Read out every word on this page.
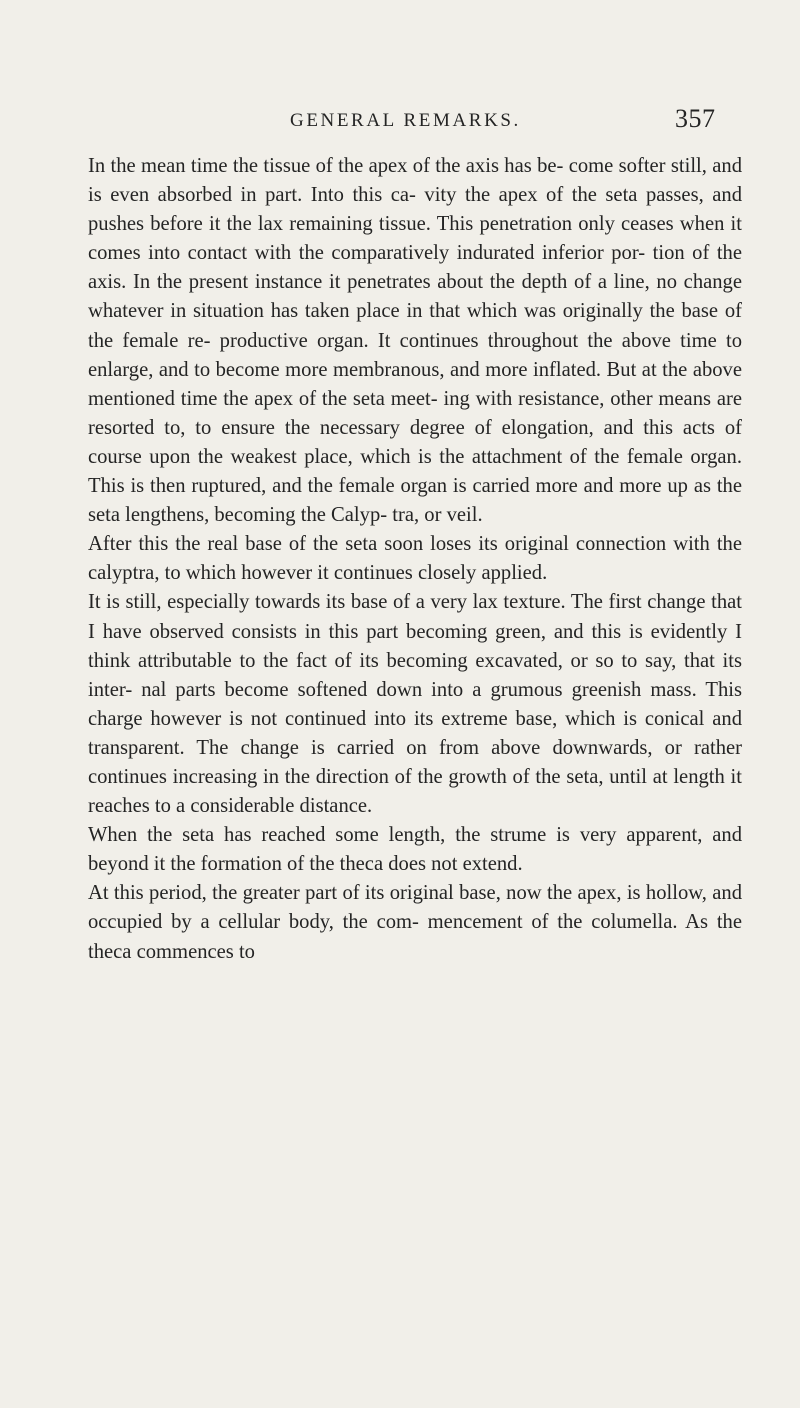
GENERAL REMARKS.	357

In the mean time the tissue of the apex of the axis has be- come softer still, and is even absorbed in part. Into this ca- vity the apex of the seta passes, and pushes before it the lax remaining tissue. This penetration only ceases when it comes into contact with the comparatively indurated inferior por- tion of the axis. In the present instance it penetrates about the depth of a line, no change whatever in situation has taken place in that which was originally the base of the female re- productive organ. It continues throughout the above time to enlarge, and to become more membranous, and more inflated. But at the above mentioned time the apex of the seta meet- ing with resistance, other means are resorted to, to ensure the necessary degree of elongation, and this acts of course upon the weakest place, which is the attachment of the female organ. This is then ruptured, and the female organ is carried more and more up as the seta lengthens, becoming the Calyp- tra, or veil.

After this the real base of the seta soon loses its original connection with the calyptra, to which however it continues closely applied.

It is still, especially towards its base of a very lax texture. The first change that I have observed consists in this part becoming green, and this is evidently I think attributable to the fact of its becoming excavated, or so to say, that its inter- nal parts become softened down into a grumous greenish mass. This charge however is not continued into its extreme base, which is conical and transparent. The change is carried on from above downwards, or rather continues increasing in the direction of the growth of the seta, until at length it reaches to a considerable distance.

When the seta has reached some length, the strume is very apparent, and beyond it the formation of the theca does not extend.

At this period, the greater part of its original base, now the apex, is hollow, and occupied by a cellular body, the com- mencement of the columella. As the theca commences to
